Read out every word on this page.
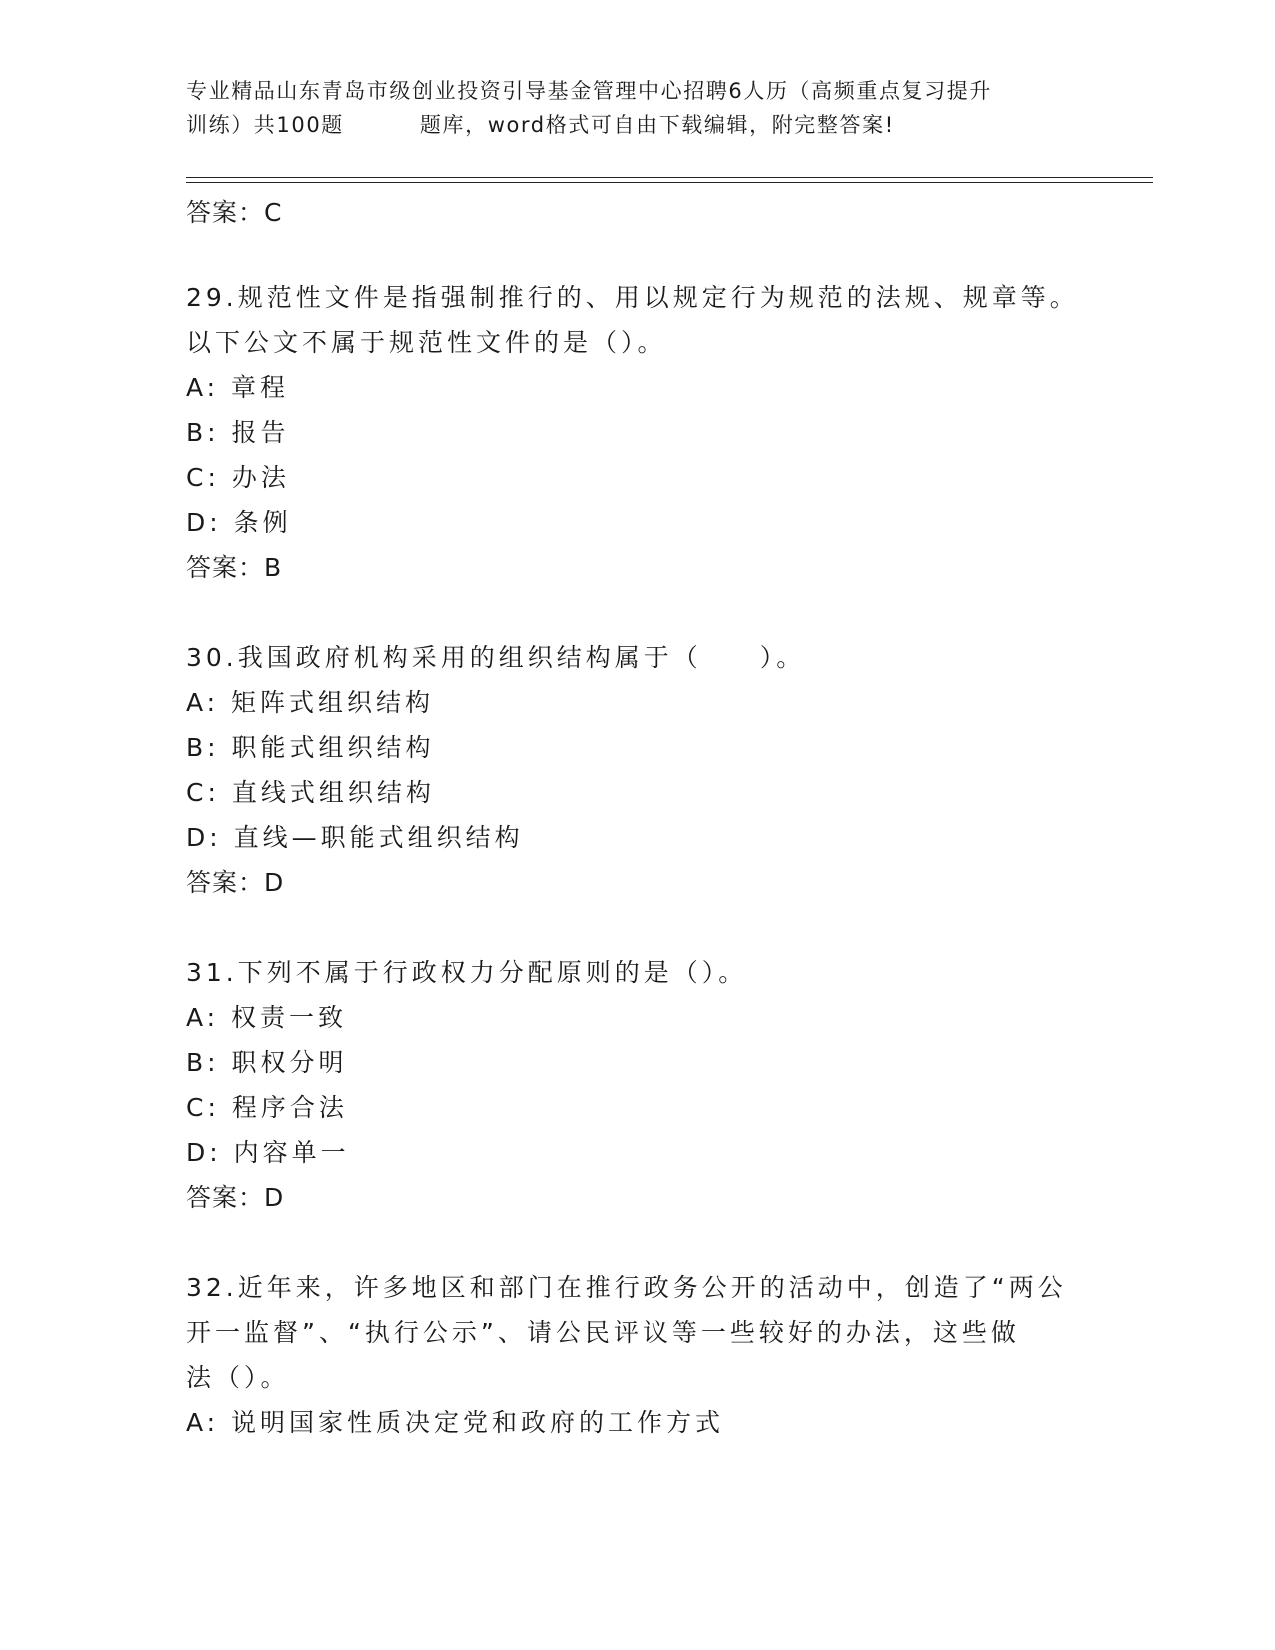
专业精品山东青岛市级创业投资引导基金管理中心招聘6人历（高频重点复习提升
训练）共100题	题库，word格式可自由下载编辑，附完整答案!
答案：C
29.规范性文件是指强制推行的、用以规定行为规范的法规、规章等。
以下公文不属于规范性文件的是（）。
A: 章程
B: 报告
C: 办法
D: 条例
答案：B
30.我国政府机构采用的组织结构属于（　　）。
A: 矩阵式组织结构
B: 职能式组织结构
C: 直线式组织结构
D: 直线—职能式组织结构
答案：D
31.下列不属于行政权力分配原则的是（）。
A: 权责一致
B: 职权分明
C: 程序合法
D: 内容单一
答案：D
32.近年来，许多地区和部门在推行政务公开的活动中，创造了“两公
开一监督”、“执行公示”、请公民评议等一些较好的办法，这些做
法（）。
A: 说明国家性质决定党和政府的工作方式
